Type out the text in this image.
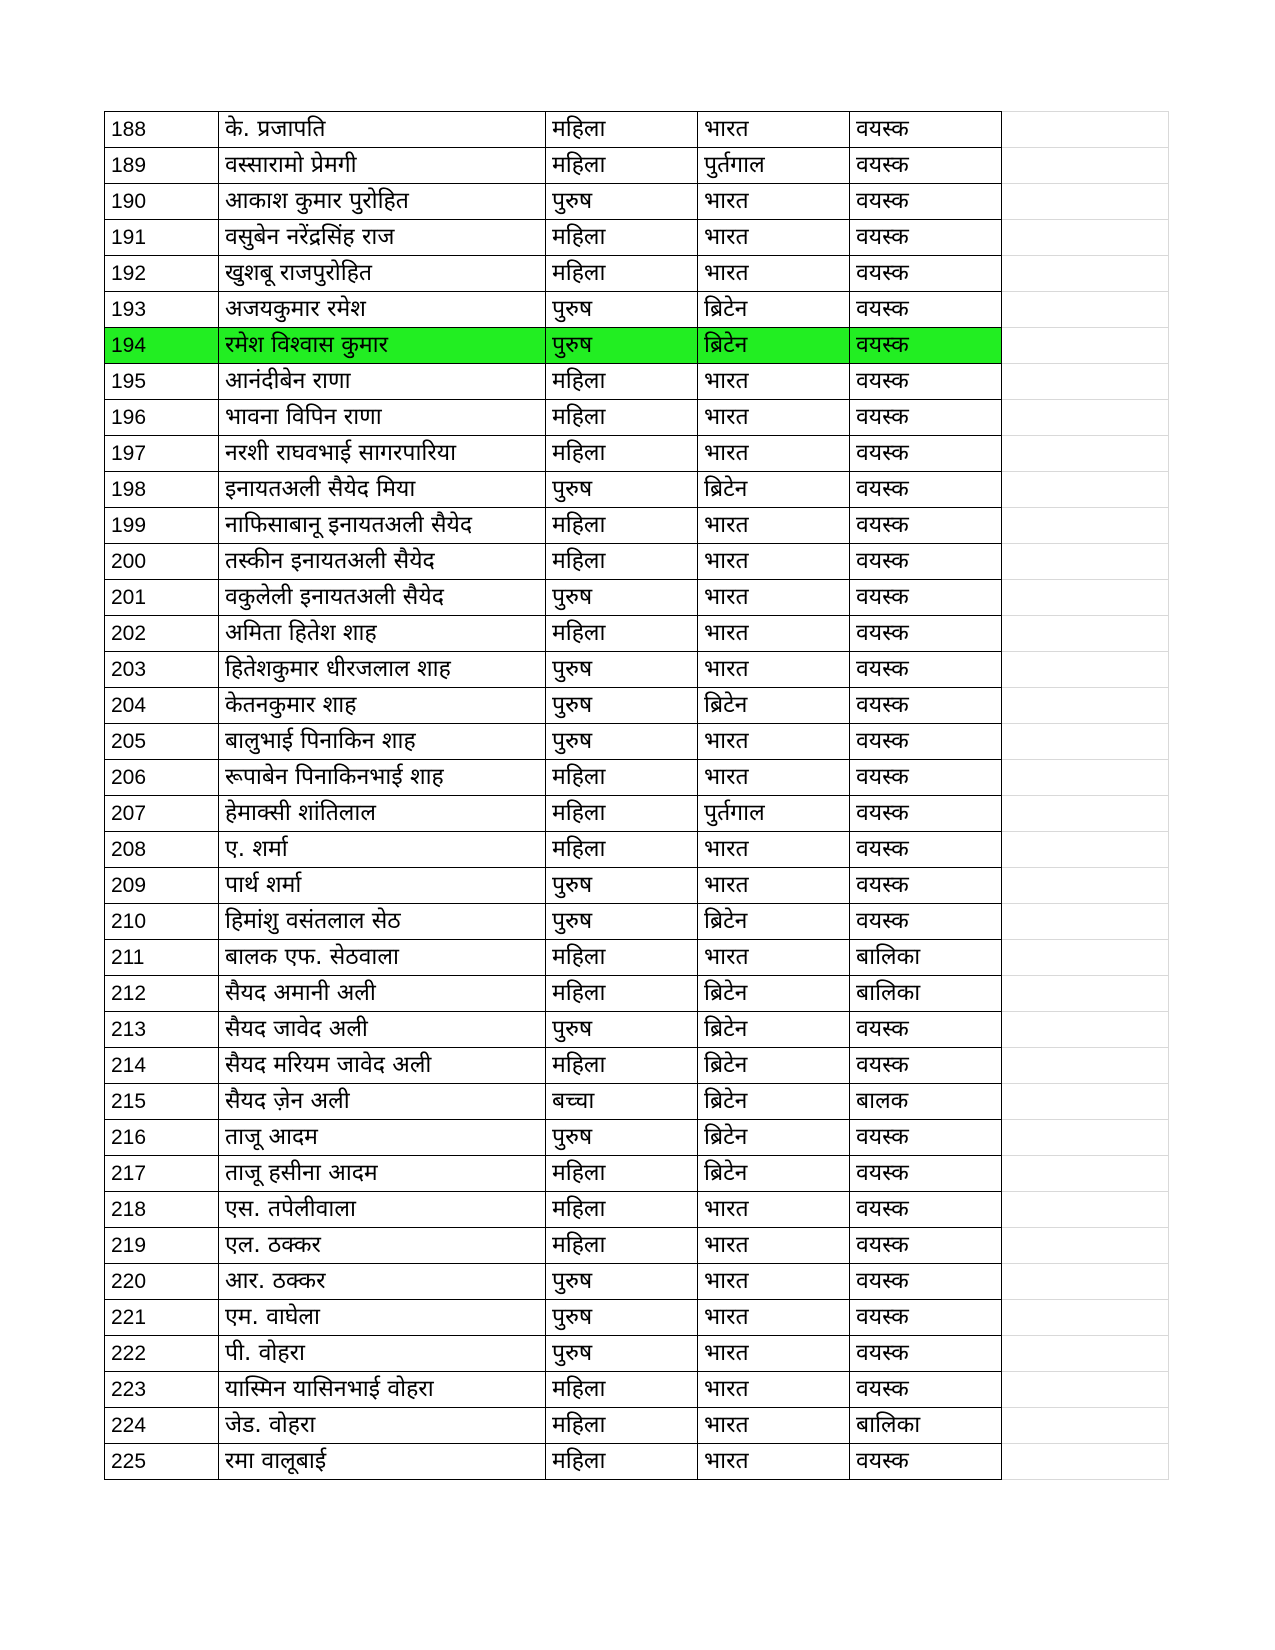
188	के. प्रजापति	महिला	भारत	वयस्क	
189	वस्सारामो प्रेमगी	महिला	पुर्तगाल	वयस्क	
190	आकाश कुमार पुरोहित	पुरुष	भारत	वयस्क	
191	वसुबेन नरेंद्रसिंह राज	महिला	भारत	वयस्क	
192	खुशबू राजपुरोहित	महिला	भारत	वयस्क	
193	अजयकुमार रमेश	पुरुष	ब्रिटेन	वयस्क	
194	रमेश विश्वास कुमार	पुरुष	ब्रिटेन	वयस्क	
195	आनंदीबेन राणा	महिला	भारत	वयस्क	
196	भावना विपिन राणा	महिला	भारत	वयस्क	
197	नरशी राघवभाई सागरपारिया	महिला	भारत	वयस्क	
198	इनायतअली सैयेद मिया	पुरुष	ब्रिटेन	वयस्क	
199	नाफिसाबानू इनायतअली सैयेद	महिला	भारत	वयस्क	
200	तस्कीन इनायतअली सैयेद	महिला	भारत	वयस्क	
201	वकुलेली इनायतअली सैयेद	पुरुष	भारत	वयस्क	
202	अमिता हितेश शाह	महिला	भारत	वयस्क	
203	हितेशकुमार धीरजलाल शाह	पुरुष	भारत	वयस्क	
204	केतनकुमार शाह	पुरुष	ब्रिटेन	वयस्क	
205	बालुभाई पिनाकिन शाह	पुरुष	भारत	वयस्क	
206	रूपाबेन पिनाकिनभाई शाह	महिला	भारत	वयस्क	
207	हेमाक्सी शांतिलाल	महिला	पुर्तगाल	वयस्क	
208	ए. शर्मा	महिला	भारत	वयस्क	
209	पार्थ शर्मा	पुरुष	भारत	वयस्क	
210	हिमांशु वसंतलाल सेठ	पुरुष	ब्रिटेन	वयस्क	
211	बालक एफ. सेठवाला	महिला	भारत	बालिका	
212	सैयद अमानी अली	महिला	ब्रिटेन	बालिका	
213	सैयद जावेद अली	पुरुष	ब्रिटेन	वयस्क	
214	सैयद मरियम जावेद अली	महिला	ब्रिटेन	वयस्क	
215	सैयद ज़ेन अली	बच्चा	ब्रिटेन	बालक	
216	ताजू आदम	पुरुष	ब्रिटेन	वयस्क	
217	ताजू हसीना आदम	महिला	ब्रिटेन	वयस्क	
218	एस. तपेलीवाला	महिला	भारत	वयस्क	
219	एल. ठक्कर	महिला	भारत	वयस्क	
220	आर. ठक्कर	पुरुष	भारत	वयस्क	
221	एम. वाघेला	पुरुष	भारत	वयस्क	
222	पी. वोहरा	पुरुष	भारत	वयस्क	
223	यास्मिन यासिनभाई वोहरा	महिला	भारत	वयस्क	
224	जेड. वोहरा	महिला	भारत	बालिका	
225	रमा वालूबाई	महिला	भारत	वयस्क	
